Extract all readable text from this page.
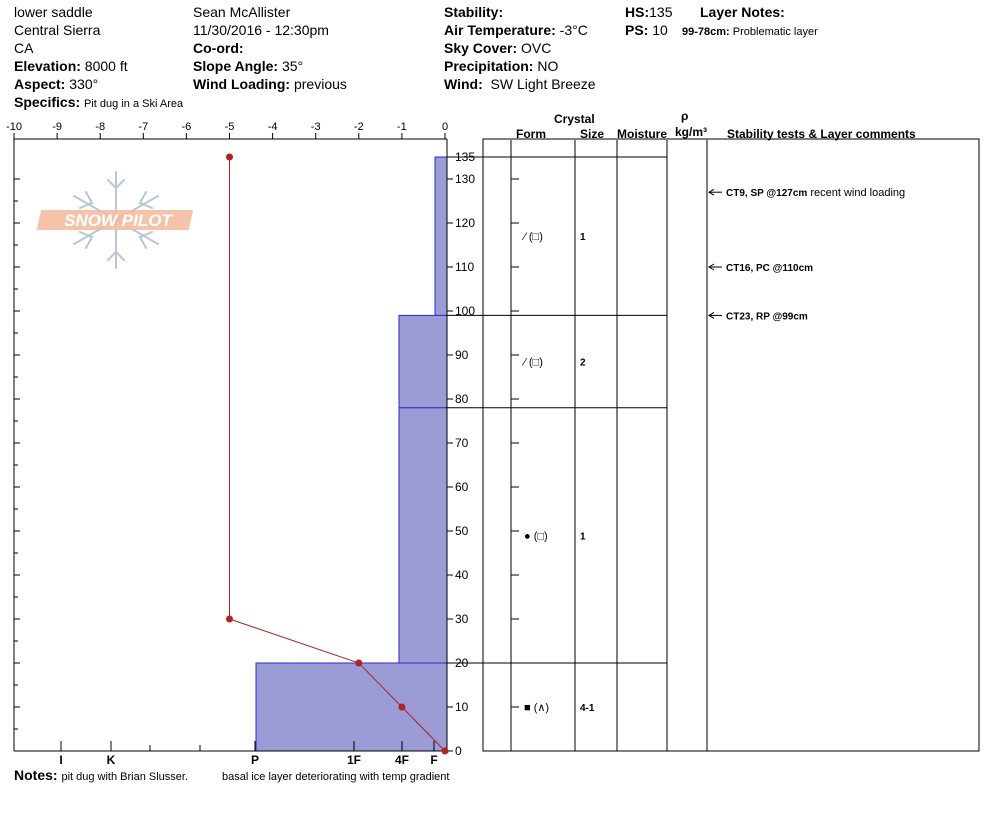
lower saddle
Central Sierra
CA
Elevation: 8000 ft
Aspect: 330°
Specifics: Pit dug in a Ski Area
Sean McAllister
11/30/2016 - 12:30pm
Co-ord:
Slope Angle: 35°
Wind Loading: previous
Stability:
Air Temperature: -3°C
Sky Cover: OVC
Precipitation: NO
Wind: SW Light Breeze
HS:135
PS: 10
Layer Notes:
99-78cm: Problematic layer
Crystal
Form	Size Moisture
ρ
kg/m³ Stability tests & Layer comments
SNOW PILOT
-10	-9	-8	-7	-6	-5	-4	-3	-2	-1	0
0
10
20
30
40
50
60
70
80
90
100
110
120
130
135
I	K	P	1F	4F F
⁄ (□)	1
⁄ (□)	2
● (□)	1
■ (∧)	4-1
CT9, SP @127cm recent wind loading
CT16, PC @110cm
CT23, RP @99cm
Notes: pit dug with Brian Slusser.	basal ice layer deteriorating with temp gradient
